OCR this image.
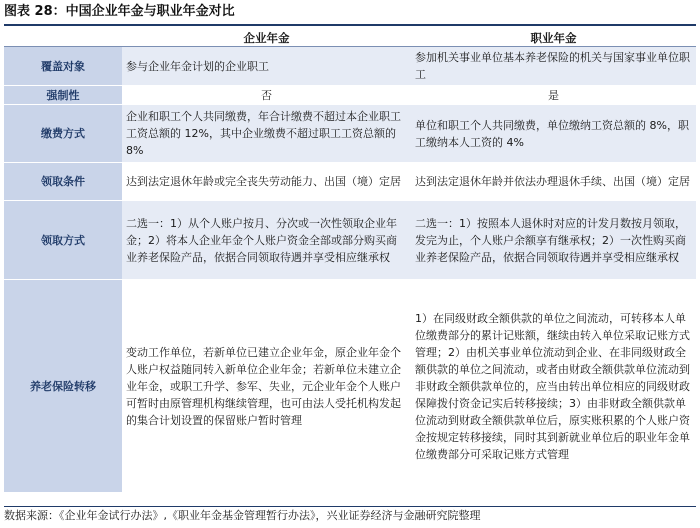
图表 28：中国企业年金与职业年金对比
	企业年金	职业年金
覆盖对象	参与企业年金计划的企业职工	参加机关事业单位基本养老保险的机关与国家事业单位职工
强制性	否	是
缴费方式	企业和职工个人共同缴费，年合计缴费不超过本企业职工工资总额的 12%，其中企业缴费不超过职工工资总额的 8%	单位和职工个人共同缴费，单位缴纳工资总额的 8%，职工缴纳本人工资的 4%
领取条件	达到法定退休年龄或完全丧失劳动能力、出国（境）定居	达到法定退休年龄并依法办理退休手续、出国（境）定居
领取方式	二选一：1）从个人账户按月、分次或一次性领取企业年金；2）将本人企业年金个人账户资金全部或部分购买商业养老保险产品，依据合同领取待遇并享受相应继承权	二选一：1）按照本人退休时对应的计发月数按月领取，发完为止，个人账户余额享有继承权；2）一次性购买商业养老保险产品，依据合同领取待遇并享受相应继承权
养老保险转移	变动工作单位，若新单位已建立企业年金，原企业年金个人账户权益随同转入新单位企业年金；若新单位未建立企业年金，或职工升学、参军、失业，元企业年金个人账户可暂时由原管理机构继续管理，也可由法人受托机构发起的集合计划设置的保留账户暂时管理	1）在同级财政全额供款的单位之间流动，可转移本人单位缴费部分的累计记账额，继续由转入单位采取记账方式管理；2）由机关事业单位流动到企业、在非同级财政全额供款的单位之间流动，或者由财政全额供款单位流动到非财政全额供款单位的，应当由转出单位相应的同级财政保障拨付资金记实后转移接续；3）由非财政全额供款单位流动到财政全额供款单位后，原实账积累的个人账户资金按规定转移接续，同时其到新就业单位后的职业年金单位缴费部分可采取记账方式管理
数据来源：《企业年金试行办法》,《职业年金基金管理暂行办法》，兴业证券经济与金融研究院整理
